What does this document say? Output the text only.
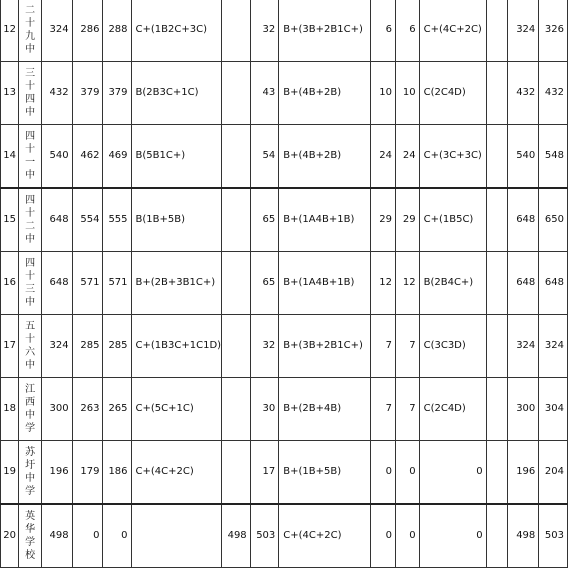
12	二十九中	324	286	288	C+(1B2C+3C)		32	B+(3B+2B1C+)	6	6	C+(4C+2C)		324	326
13	三十四中	432	379	379	B(2B3C+1C)		43	B+(4B+2B)	10	10	C(2C4D)		432	432
14	四十一中	540	462	469	B(5B1C+)		54	B+(4B+2B)	24	24	C+(3C+3C)		540	548
15	四十二中	648	554	555	B(1B+5B)		65	B+(1A4B+1B)	29	29	C+(1B5C)		648	650
16	四十三中	648	571	571	B+(2B+3B1C+)		65	B+(1A4B+1B)	12	12	B(2B4C+)		648	648
17	五十六中	324	285	285	C+(1B3C+1C1D)		32	B+(3B+2B1C+)	7	7	C(3C3D)		324	324
18	江西中学	300	263	265	C+(5C+1C)		30	B+(2B+4B)	7	7	C(2C4D)		300	304
19	苏圩中学	196	179	186	C+(4C+2C)		17	B+(1B+5B)	0	0	0		196	204
20	英华学校	498	0	0		498	503	C+(4C+2C)	0	0	0		498	503
